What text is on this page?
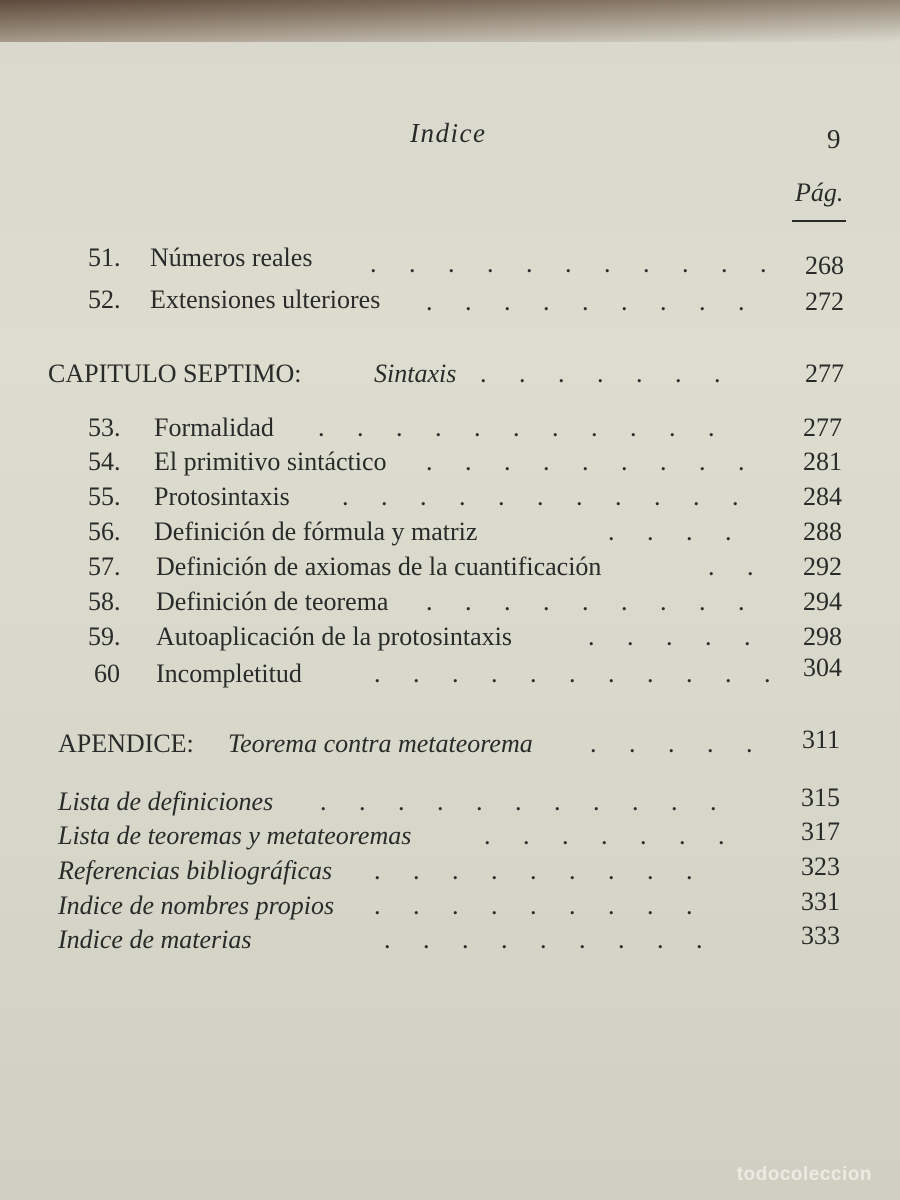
Indice	9
Pág.
51. Números reales .     .     .     .     .     .     .     .     .     .     .	268
52. Extensiones ulteriores .     .     .     .     .     .     .     .     .	272
CAPITULO SEPTIMO:	Sintaxis .     .     .     .     .     .     .	277
53. Formalidad .     .     .     .     .     .     .     .     .     .     .	277
54. El primitivo sintáctico .     .     .     .     .     .     .     .     .	281
55. Protosintaxis .     .     .     .     .     .     .     .     .     .     .	284
56. Definición de fórmula y matriz	.     .     .     .	288
57. Definición de axiomas de la cuantificación	.     .	292
58. Definición de teorema .     .     .     .     .     .     .     .     .	294
59. Autoaplicación de la protosintaxis	.     .     .     .     .	298
60 Incompletitud	.     .     .     .     .     .     .     .     .     .     .	304
APENDICE: Teorema contra metateorema .     .     .     .     .	311
Lista de definiciones .     .     .     .     .     .     .     .     .     .     .	315
Lista de teoremas y metateoremas	.     .     .     .     .     .     .	317
Referencias bibliográficas .     .     .     .     .     .     .     .     .	323
Indice de nombres propios .     .     .     .     .     .     .     .     .	331
Indice de materias	.     .     .     .     .     .     .     .     .	333
todocoleccion
